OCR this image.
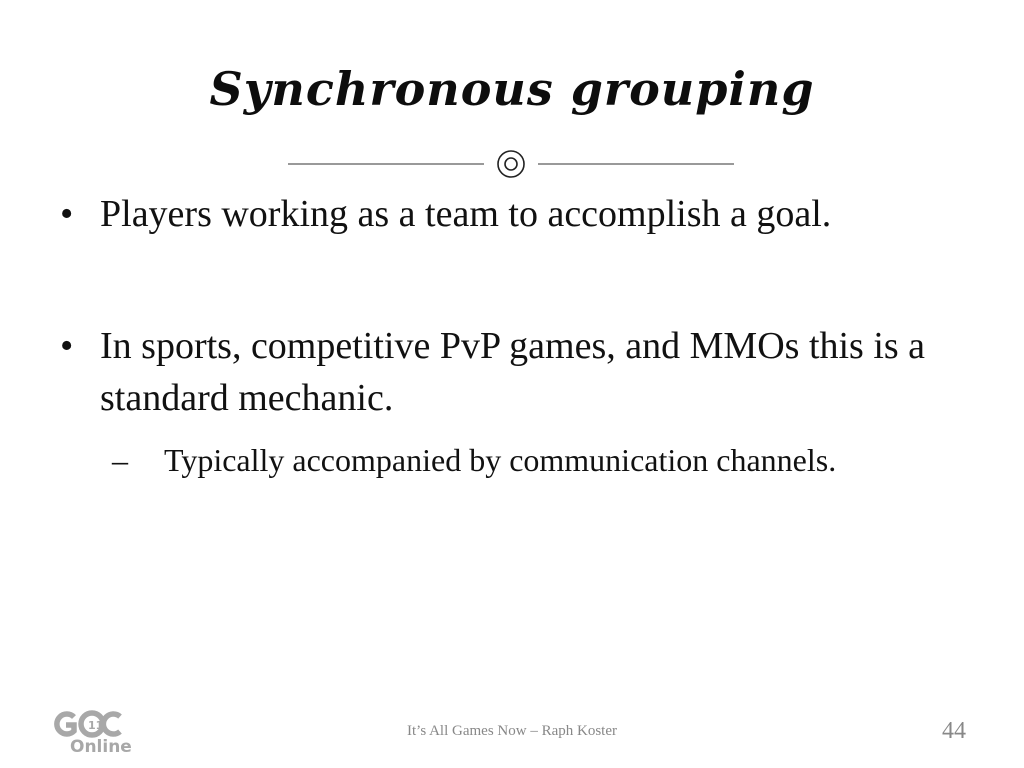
Synchronous grouping
• Players working as a team to accomplish a goal.
• In sports, competitive PvP games, and MMOs this is a standard mechanic.
– Typically accompanied by communication channels.
GDC Online
11
Online
It’s All Games Now – Raph Koster	44
